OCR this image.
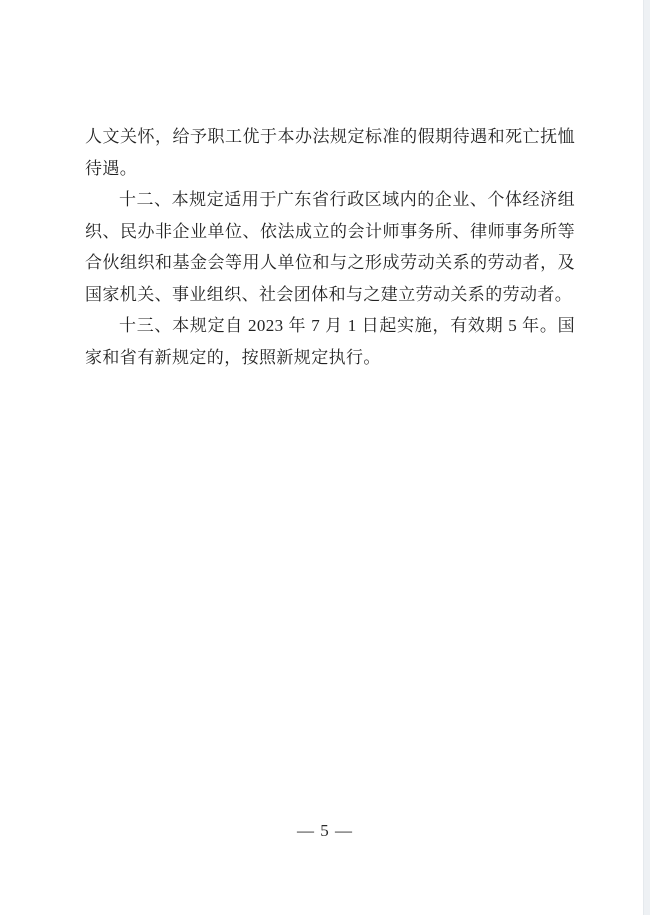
人文关怀，给予职工优于本办法规定标准的假期待遇和死亡抚恤
待遇。
十二、本规定适用于广东省行政区域内的企业、个体经济组
织、民办非企业单位、依法成立的会计师事务所、律师事务所等
合伙组织和基金会等用人单位和与之形成劳动关系的劳动者，及
国家机关、事业组织、社会团体和与之建立劳动关系的劳动者。
十三、本规定自 2023 年 7 月 1 日起实施，有效期 5 年。国
家和省有新规定的，按照新规定执行。
— 5 —
